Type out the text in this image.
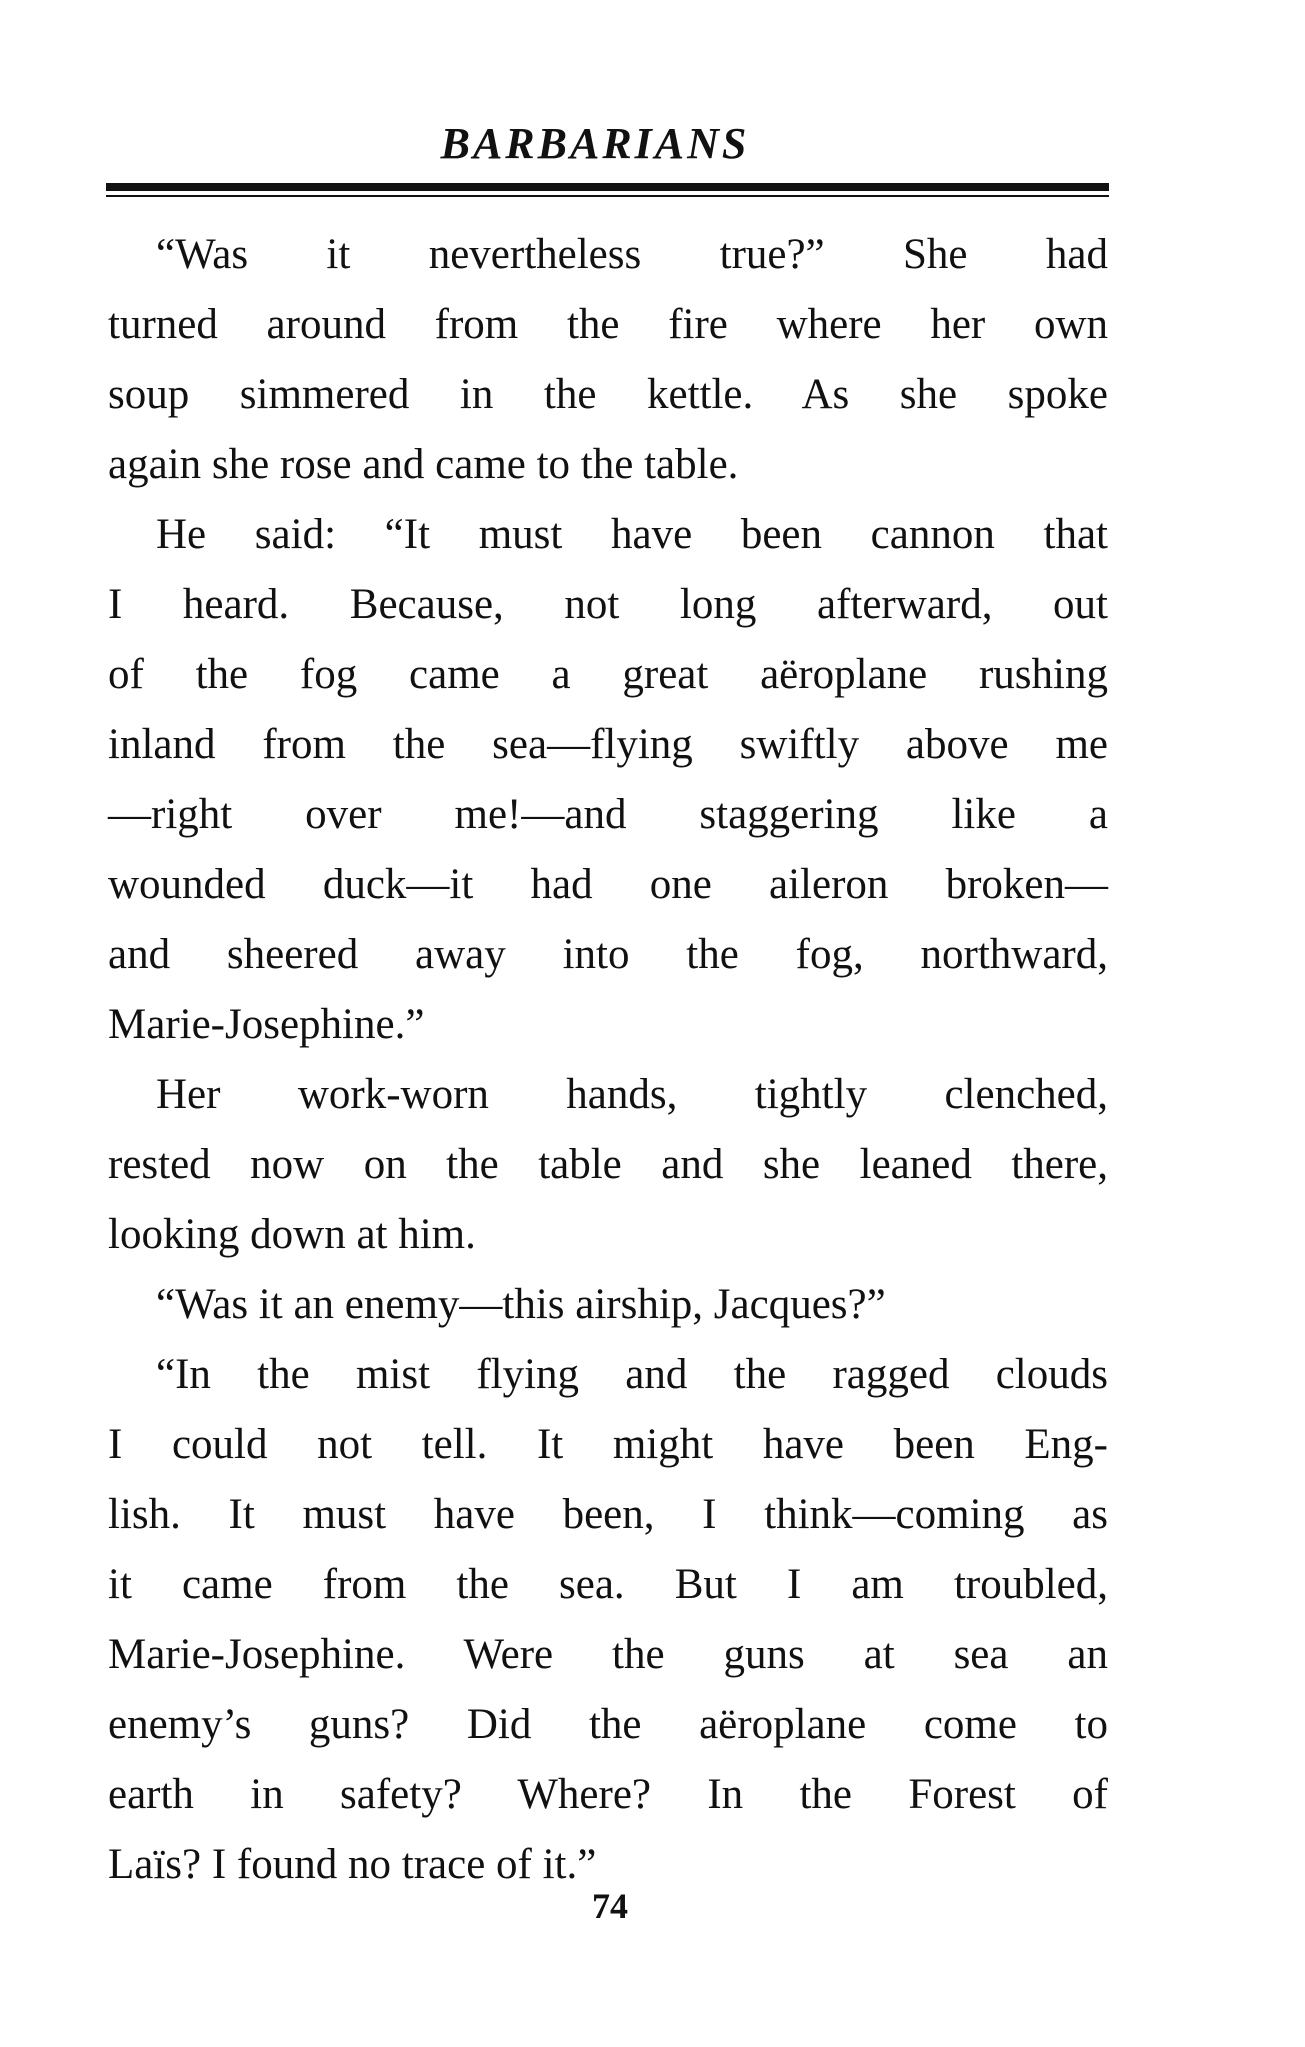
BARBARIANS
“Was it nevertheless true?” She had
turned around from the fire where her own
soup simmered in the kettle. As she spoke
again she rose and came to the table.
He said: “It must have been cannon that
I heard. Because, not long afterward, out
of the fog came a great aëroplane rushing
inland from the sea—flying swiftly above me
—right over me!—and staggering like a
wounded duck—it had one aileron broken—
and sheered away into the fog, northward,
Marie-Josephine.”
Her work-worn hands, tightly clenched,
rested now on the table and she leaned there,
looking down at him.
“Was it an enemy—this airship, Jacques?”
“In the mist flying and the ragged clouds
I could not tell. It might have been Eng-
lish. It must have been, I think—coming as
it came from the sea. But I am troubled,
Marie-Josephine. Were the guns at sea an
enemy’s guns? Did the aëroplane come to
earth in safety? Where? In the Forest of
Laïs? I found no trace of it.”
74
